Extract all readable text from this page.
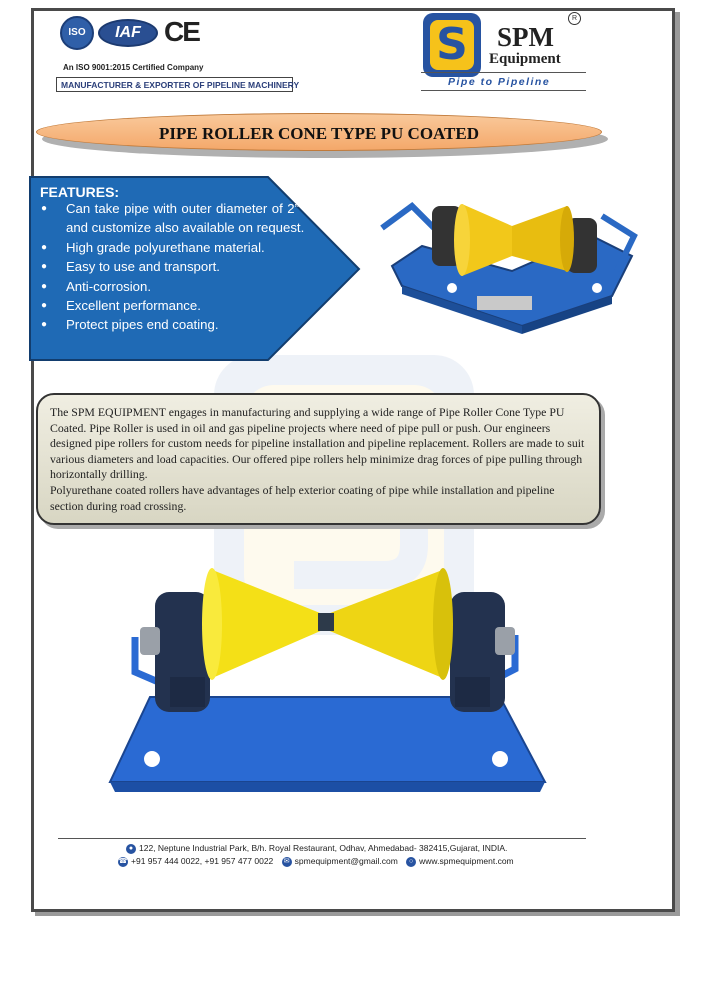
ISO	IAF CE
An ISO 9001:2015 Certified Company
MANUFACTURER & EXPORTER OF PIPELINE MACHINERY
S SPM
R
Equipment
Pipe to Pipeline
PIPE ROLLER CONE TYPE PU COATED
FEATURES:
● Can take pipe with outer diameter of 2” to 36” and customize also available on request.
● High grade polyurethane material.
● Easy to use and transport.
● Anti-corrosion.
● Excellent performance.
● Protect pipes end coating.

The SPM EQUIPMENT engages in manufacturing and supplying a wide range of Pipe Roller Cone Type PU Coated. Pipe Roller is used in oil and gas pipeline projects where need of pipe pull or push. Our engineers designed pipe rollers for custom needs for pipeline installation and pipeline replacement. Rollers are made to suit various diameters and load capacities. Our offered pipe rollers help minimize drag forces of pipe pulling through horizontally drilling.

Polyurethane coated rollers have advantages of help exterior coating of pipe while installation and pipeline section during road crossing.

● 122, Neptune Industrial Park, B/h. Royal Restaurant, Odhav, Ahmedabad- 382415,Gujarat, INDIA.
☎ +91 957 444 0022, +91 957 477 0022 ✉ spmequipment@gmail.com ○ www.spmequipment.com
